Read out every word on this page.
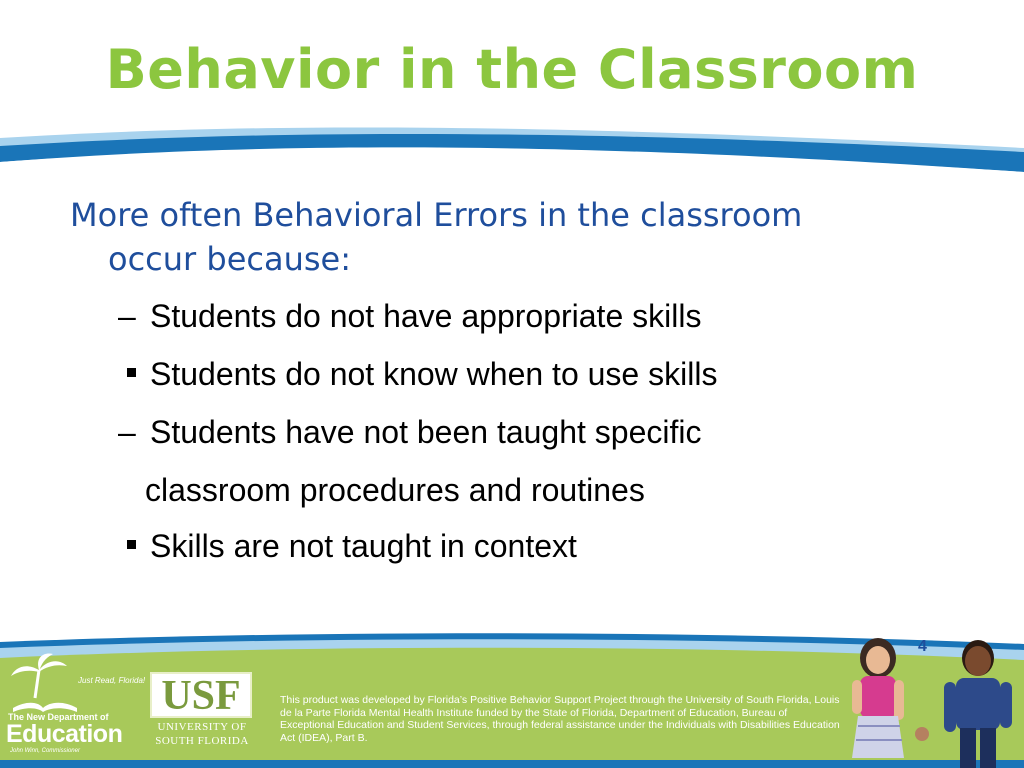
Behavior in the Classroom
More often Behavioral Errors in the classroom
occur because:
– Students do not have appropriate skills
Students do not know when to use skills
– Students have not been taught specific
classroom procedures and routines
Skills are not taught in context
4
Just Read, Florida!
The New Department of
Education
John Winn, Commissioner
USF
UNIVERSITY OF
SOUTH FLORIDA
This product was developed by Florida’s Positive Behavior Support Project through the University of South Florida, Louis de la Parte Florida Mental Health Institute funded by the State of Florida, Department of Education, Bureau of Exceptional Education and Student Services, through federal assistance under the Individuals with Disabilities Education Act (IDEA), Part B.
